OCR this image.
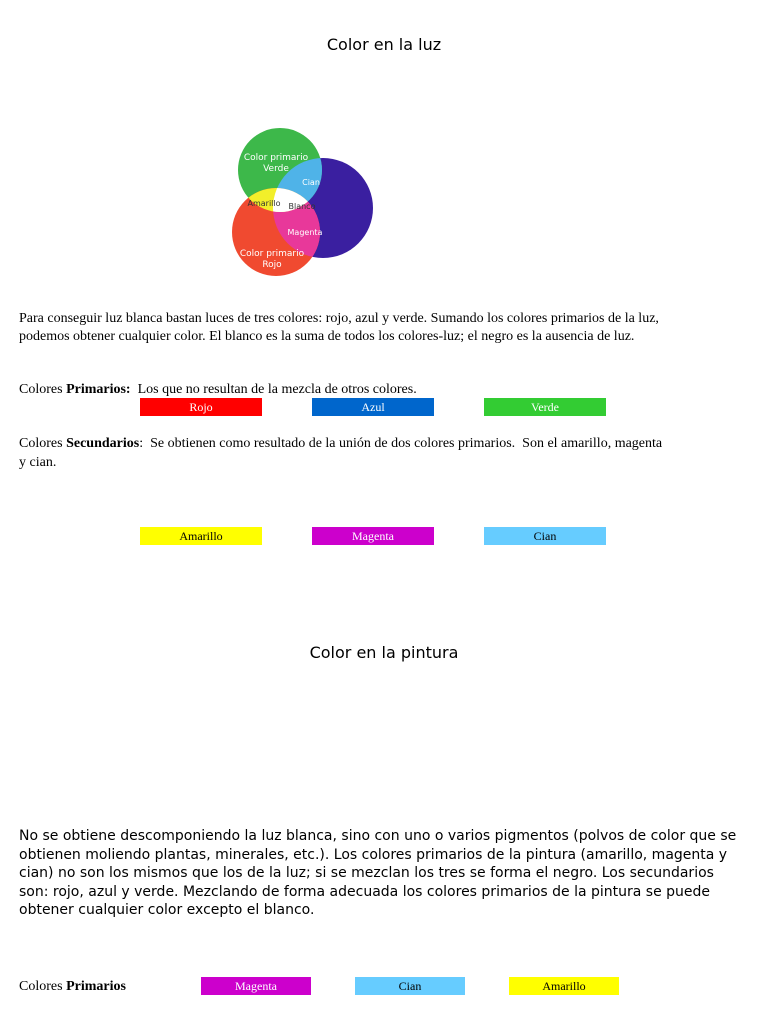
Color en la luz
Color primario
Verde
Cian
Amarillo Blanco
Magenta
Color primario
Rojo

Para conseguir luz blanca bastan luces de tres colores: rojo, azul y verde. Sumando los colores primarios de la luz,

podemos obtener cualquier color. El blanco es la suma de todos los colores-luz; el negro es la ausencia de luz.

Colores Primarios:  Los que no resultan de la mezcla de otros colores.
Rojo	Azul	Verde
Colores Secundarios:  Se obtienen como resultado de la unión de dos colores primarios.  Son el amarillo, magenta
y cian.
Amarillo	Magenta	Cian
Color en la pintura

No se obtiene descomponiendo la luz blanca, sino con uno o varios pigmentos (polvos de color que se

obtienen moliendo plantas, minerales, etc.). Los colores primarios de la pintura (amarillo, magenta y

cian) no son los mismos que los de la luz; si se mezclan los tres se forma el negro. Los secundarios

son: rojo, azul y verde. Mezclando de forma adecuada los colores primarios de la pintura se puede

obtener cualquier color excepto el blanco.

Colores Primarios	Magenta	Cian	Amarillo
